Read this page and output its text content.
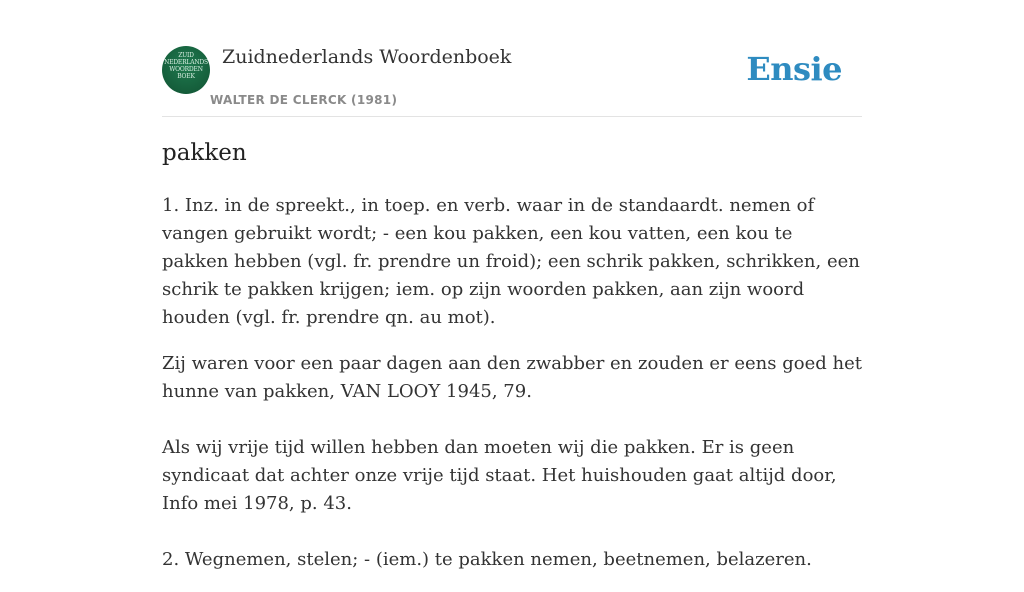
ZUID
NEDERLANDS
WOORDEN
BOEK
Zuidnederlands Woordenboek
WALTER DE CLERCK (1981)
Ensie
pakken

1. Inz. in de spreekt., in toep. en verb. waar in de standaardt. nemen of vangen gebruikt wordt; - een kou pakken, een kou vatten, een kou te pakken hebben (vgl. fr. prendre un froid); een schrik pakken, schrikken, een schrik te pakken krijgen; iem. op zijn woorden pakken, aan zijn woord houden (vgl. fr. prendre qn. au mot).

Zij waren voor een paar dagen aan den zwabber en zouden er eens goed het hunne van pakken, VAN LOOY 1945, 79.

Als wij vrije tijd willen hebben dan moeten wij die pakken. Er is geen syndicaat dat achter onze vrije tijd staat. Het huishouden gaat altijd door, Info mei 1978, p. 43.

2. Wegnemen, stelen; - (iem.) te pakken nemen, beetnemen, belazeren.
